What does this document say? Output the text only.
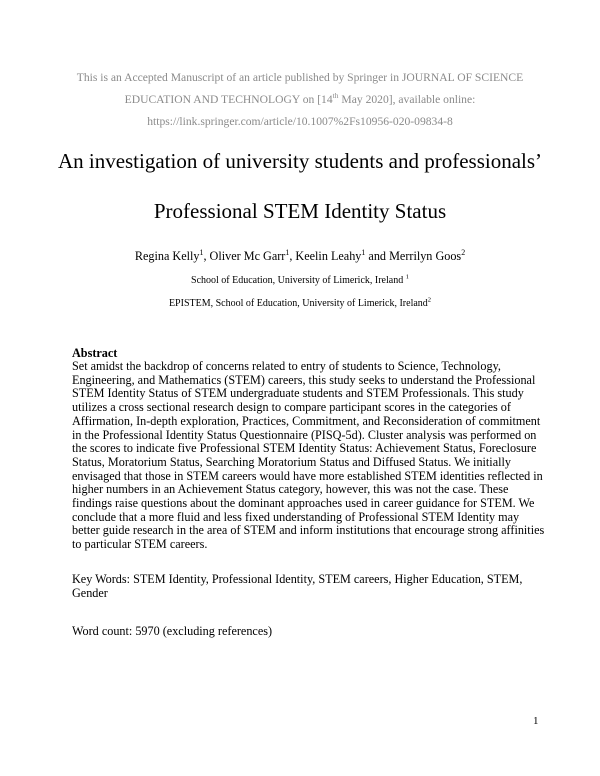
This is an Accepted Manuscript of an article published by Springer in JOURNAL OF SCIENCE
EDUCATION AND TECHNOLOGY on [14th May 2020], available online:
https://link.springer.com/article/10.1007%2Fs10956-020-09834-8
An investigation of university students and professionals’
Professional STEM Identity Status
Regina Kelly$^1$, Oliver Mc Garr$^1$, Keelin Leahy$^1$ and Merrilyn Goos$^2$
School of Education, University of Limerick, Ireland $^1$
EPISTEM, School of Education, University of Limerick, Ireland$^2$
Abstract
Set amidst the backdrop of concerns related to entry of students to Science, Technology,
Engineering, and Mathematics (STEM) careers, this study seeks to understand the Professional
STEM Identity Status of STEM undergraduate students and STEM Professionals. This study
utilizes a cross sectional research design to compare participant scores in the categories of
Affirmation, In-depth exploration, Practices, Commitment, and Reconsideration of commitment
in the Professional Identity Status Questionnaire (PISQ-5d). Cluster analysis was performed on
the scores to indicate five Professional STEM Identity Status: Achievement Status, Foreclosure
Status, Moratorium Status, Searching Moratorium Status and Diffused Status. We initially
envisaged that those in STEM careers would have more established STEM identities reflected in
higher numbers in an Achievement Status category, however, this was not the case. These
findings raise questions about the dominant approaches used in career guidance for STEM. We
conclude that a more fluid and less fixed understanding of Professional STEM Identity may
better guide research in the area of STEM and inform institutions that encourage strong affinities
to particular STEM careers.
Key Words: STEM Identity, Professional Identity, STEM careers, Higher Education, STEM,
Gender
Word count: 5970 (excluding references)
1
